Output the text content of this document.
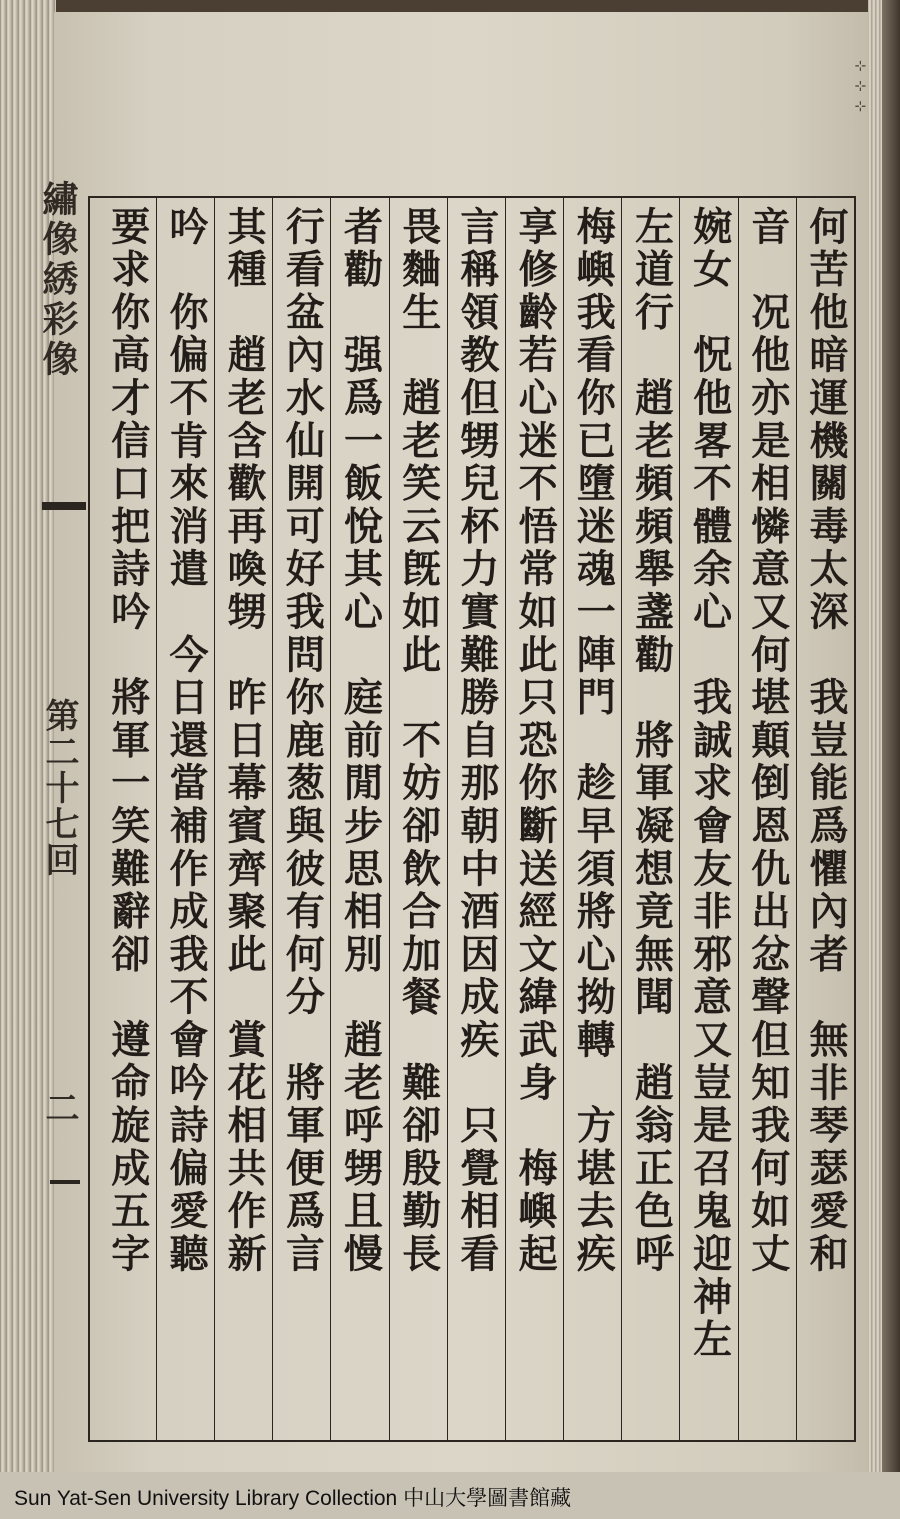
⊹ ⊹ ⊹
繡像綉彩像
第二十七回
二	何苦他暗運機關毒太深　我豈能爲懼內者　無非琴瑟愛和
音　况他亦是相憐意又何堪顛倒恩仇出忿聲但知我何如丈
婉女　怳他畧不體余心　我誠求會友非邪意又豈是召鬼迎神左
左道行　趙老頻頻舉盞勸　將軍凝想竟無聞　趙翁正色呼
梅嶼我看你已墮迷魂一陣門　趁早須將心拗轉　方堪去疾
享修齡若心迷不悟常如此只恐你斷送經文緯武身　梅嶼起
言稱領教但甥兒杯力實難勝自那朝中酒因成疾　只覺相看
畏麯生　趙老笑云旣如此　不妨卻飲合加餐　難卻殷勤長
者勸　强爲一飯悅其心　庭前閒步思相別　趙老呼甥且慢
行看盆內水仙開可好我問你鹿葱與彼有何分　將軍便爲言
其種　趙老含歡再喚甥　昨日幕賓齊聚此　賞花相共作新
吟　你偏不肯來消遣　今日還當補作成我不會吟詩偏愛聽
要求你高才信口把詩吟　將軍一笑難辭卻　遵命旋成五字
Sun Yat-Sen University Library Collection 中山大學圖書館藏
